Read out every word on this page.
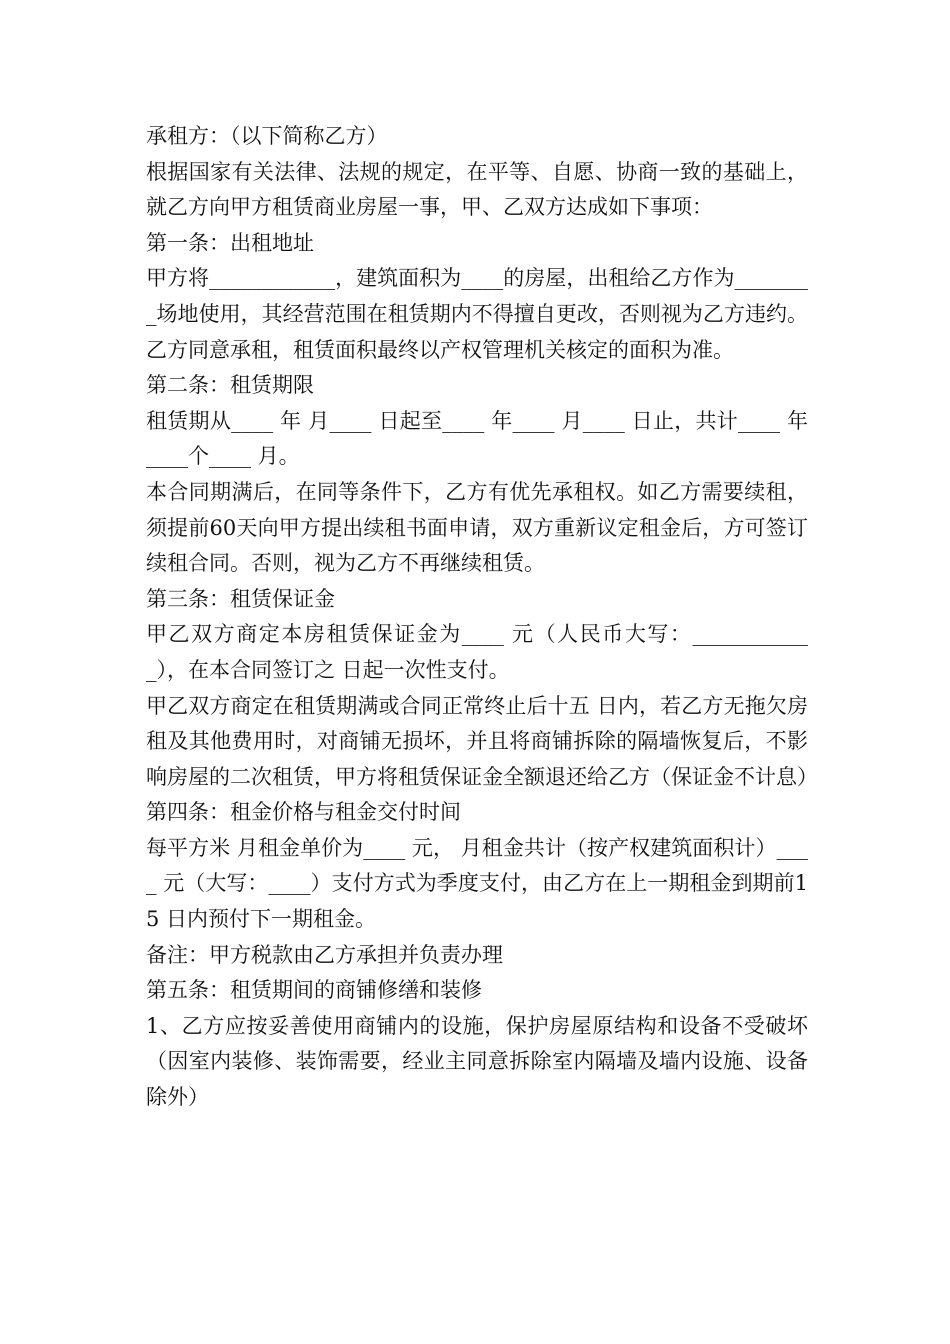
承租方：（以下简称乙方）

根据国家有关法律、法规的规定，在平等、自愿、协商一致的基础上，就乙方向甲方租赁商业房屋一事，甲、乙双方达成如下事项：

第一条：出租地址

甲方将____________，建筑面积为____的房屋，出租给乙方作为________场地使用，其经营范围在租赁期内不得擅自更改，否则视为乙方违约。乙方同意承租，租赁面积最终以产权管理机关核定的面积为准。

第二条：租赁期限

租赁期从____ 年 月____ 日起至____ 年____ 月____ 日止，共计____ 年____个____ 月。

本合同期满后，在同等条件下，乙方有优先承租权。如乙方需要续租，须提前60天向甲方提出续租书面申请，双方重新议定租金后，方可签订续租合同。否则，视为乙方不再继续租赁。

第三条：租赁保证金

甲乙双方商定本房租赁保证金为____ 元（人民币大写：____________），在本合同签订之 日起一次性支付。

甲乙双方商定在租赁期满或合同正常终止后十五 日内，若乙方无拖欠房租及其他费用时，对商铺无损坏，并且将商铺拆除的隔墙恢复后，不影响房屋的二次租赁，甲方将租赁保证金全额退还给乙方（保证金不计息）

第四条：租金价格与租金交付时间

每平方米 月租金单价为____ 元， 月租金共计（按产权建筑面积计）____ 元（大写：____）支付方式为季度支付，由乙方在上一期租金到期前15 日内预付下一期租金。

备注：甲方税款由乙方承担并负责办理

第五条：租赁期间的商铺修缮和装修

1、乙方应按妥善使用商铺内的设施，保护房屋原结构和设备不受破坏（因室内装修、装饰需要，经业主同意拆除室内隔墙及墙内设施、设备除外）
